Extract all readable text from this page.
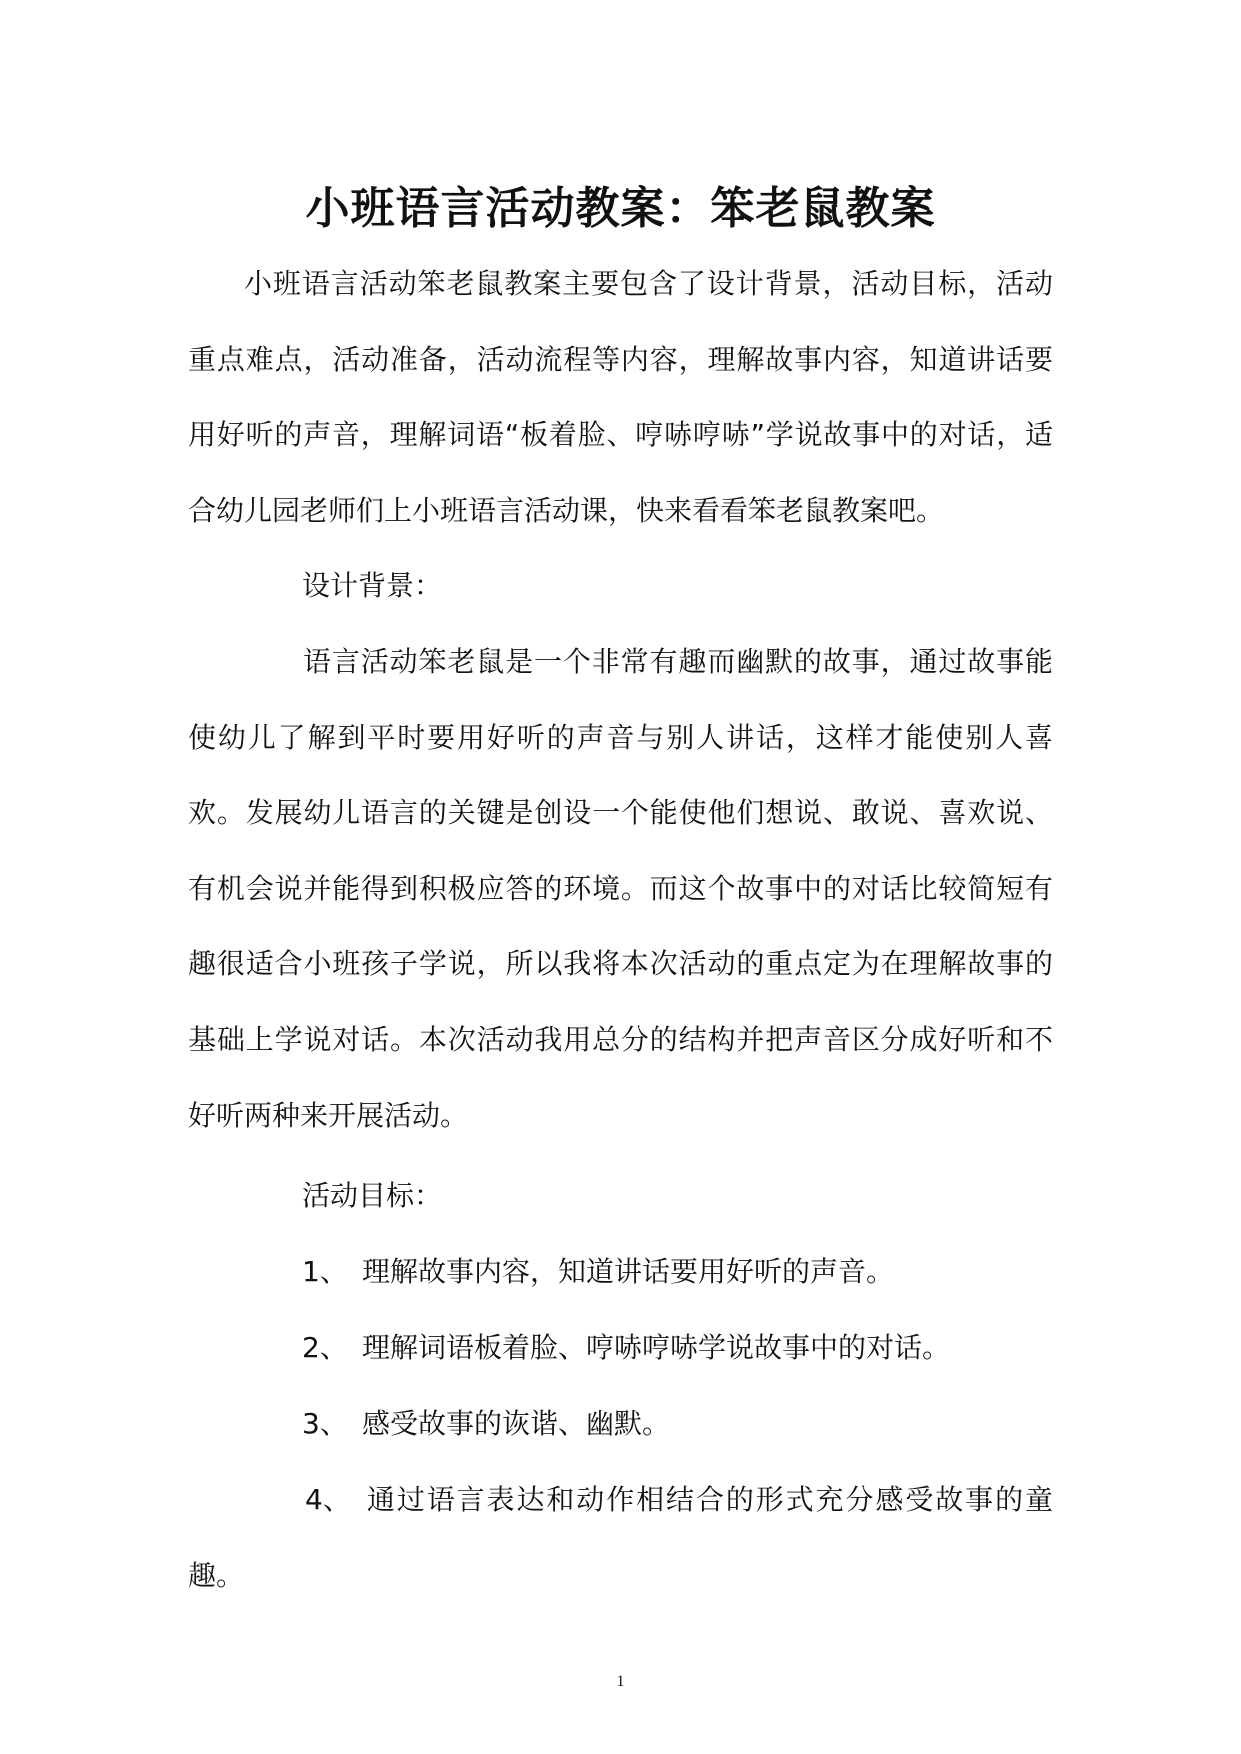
小班语言活动教案：笨老鼠教案

小班语言活动笨老鼠教案主要包含了设计背景，活动目标，活动重点难点，活动准备，活动流程等内容，理解故事内容，知道讲话要用好听的声音，理解词语“板着脸、哼哧哼哧”学说故事中的对话，适合幼儿园老师们上小班语言活动课，快来看看笨老鼠教案吧。

设计背景：

语言活动笨老鼠是一个非常有趣而幽默的故事，通过故事能使幼儿了解到平时要用好听的声音与别人讲话，这样才能使别人喜欢。发展幼儿语言的关键是创设一个能使他们想说、敢说、喜欢说、有机会说并能得到积极应答的环境。而这个故事中的对话比较简短有趣很适合小班孩子学说，所以我将本次活动的重点定为在理解故事的基础上学说对话。本次活动我用总分的结构并把声音区分成好听和不好听两种来开展活动。

活动目标：

1、 理解故事内容，知道讲话要用好听的声音。
2、 理解词语板着脸、哼哧哼哧学说故事中的对话。
3、 感受故事的诙谐、幽默。

4、 通过语言表达和动作相结合的形式充分感受故事的童趣。

1
